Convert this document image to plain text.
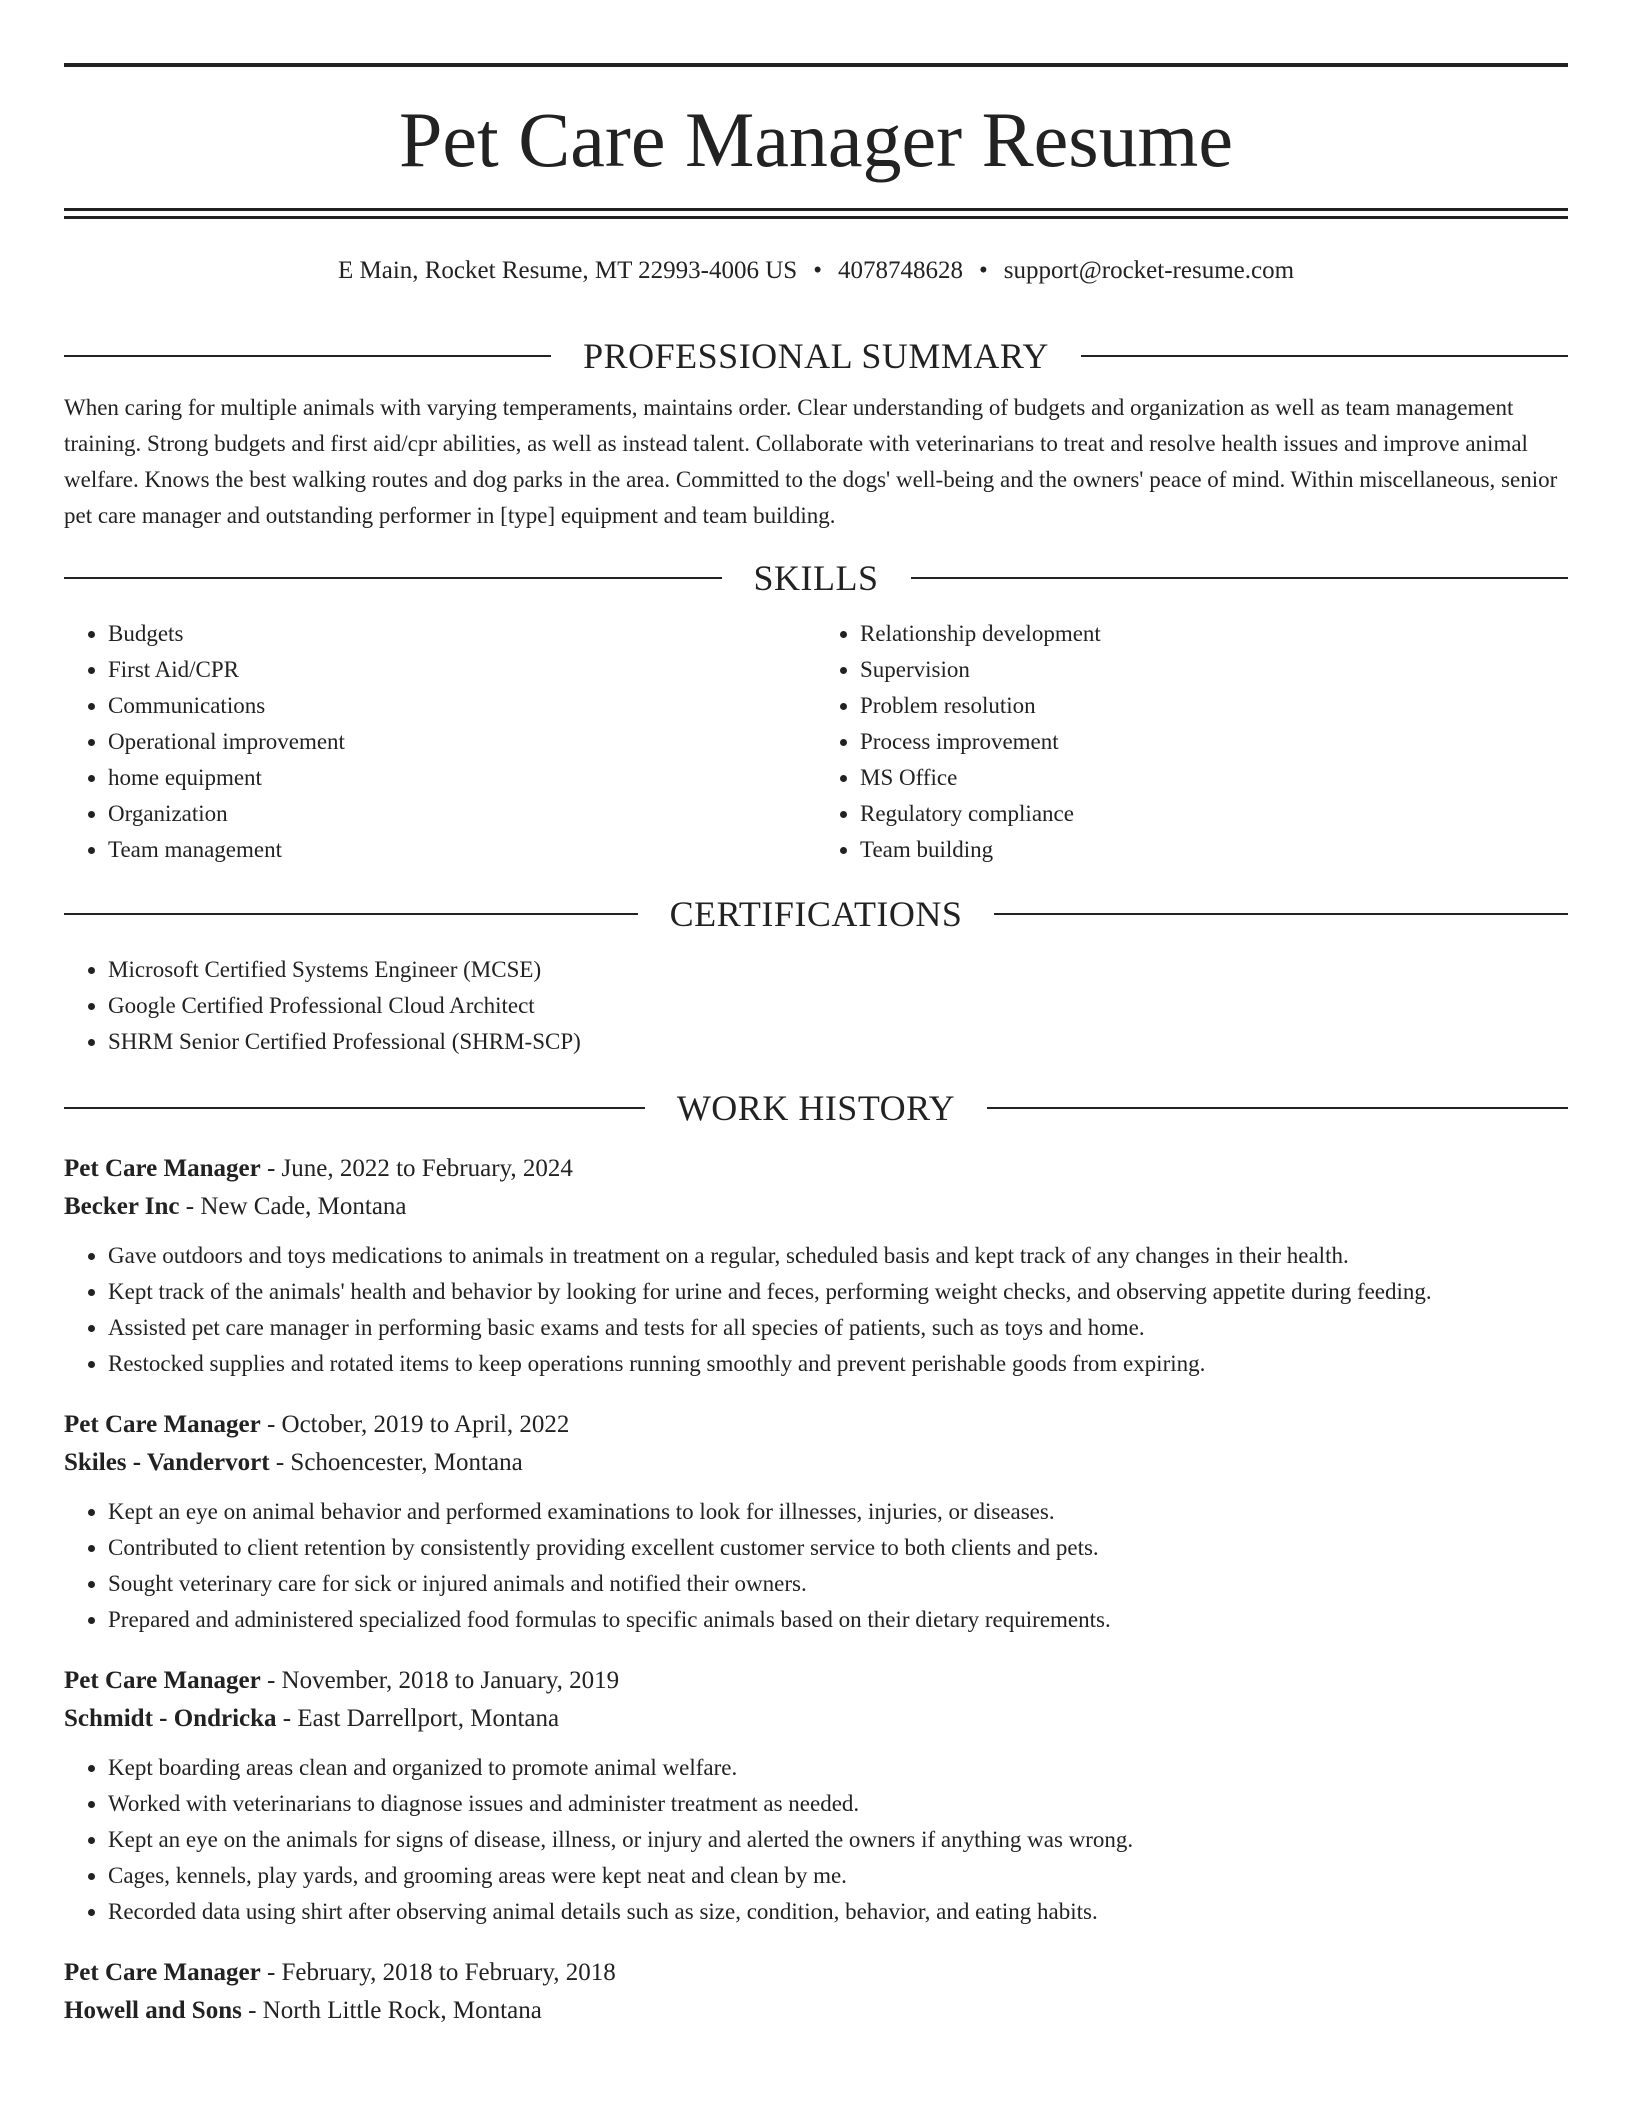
Pet Care Manager Resume
E Main, Rocket Resume, MT 22993-4006 US • 4078748628 • support@rocket-resume.com
PROFESSIONAL SUMMARY
When caring for multiple animals with varying temperaments, maintains order. Clear understanding of budgets and organization as well as team management training. Strong budgets and first aid/cpr abilities, as well as instead talent. Collaborate with veterinarians to treat and resolve health issues and improve animal welfare. Knows the best walking routes and dog parks in the area. Committed to the dogs' well-being and the owners' peace of mind. Within miscellaneous, senior pet care manager and outstanding performer in [type] equipment and team building.
SKILLS
• Budgets
• First Aid/CPR
• Communications
• Operational improvement
• home equipment
• Organization
• Team management
• Relationship development
• Supervision
• Problem resolution
• Process improvement
• MS Office
• Regulatory compliance
• Team building
CERTIFICATIONS
• Microsoft Certified Systems Engineer (MCSE)
• Google Certified Professional Cloud Architect
• SHRM Senior Certified Professional (SHRM-SCP)
WORK HISTORY
Pet Care Manager - June, 2022 to February, 2024
Becker Inc - New Cade, Montana
• Gave outdoors and toys medications to animals in treatment on a regular, scheduled basis and kept track of any changes in their health.
• Kept track of the animals' health and behavior by looking for urine and feces, performing weight checks, and observing appetite during feeding.
• Assisted pet care manager in performing basic exams and tests for all species of patients, such as toys and home.
• Restocked supplies and rotated items to keep operations running smoothly and prevent perishable goods from expiring.
Pet Care Manager - October, 2019 to April, 2022
Skiles - Vandervort - Schoencester, Montana
• Kept an eye on animal behavior and performed examinations to look for illnesses, injuries, or diseases.
• Contributed to client retention by consistently providing excellent customer service to both clients and pets.
• Sought veterinary care for sick or injured animals and notified their owners.
• Prepared and administered specialized food formulas to specific animals based on their dietary requirements.
Pet Care Manager - November, 2018 to January, 2019
Schmidt - Ondricka - East Darrellport, Montana
• Kept boarding areas clean and organized to promote animal welfare.
• Worked with veterinarians to diagnose issues and administer treatment as needed.
• Kept an eye on the animals for signs of disease, illness, or injury and alerted the owners if anything was wrong.
• Cages, kennels, play yards, and grooming areas were kept neat and clean by me.
• Recorded data using shirt after observing animal details such as size, condition, behavior, and eating habits.
Pet Care Manager - February, 2018 to February, 2018
Howell and Sons - North Little Rock, Montana
